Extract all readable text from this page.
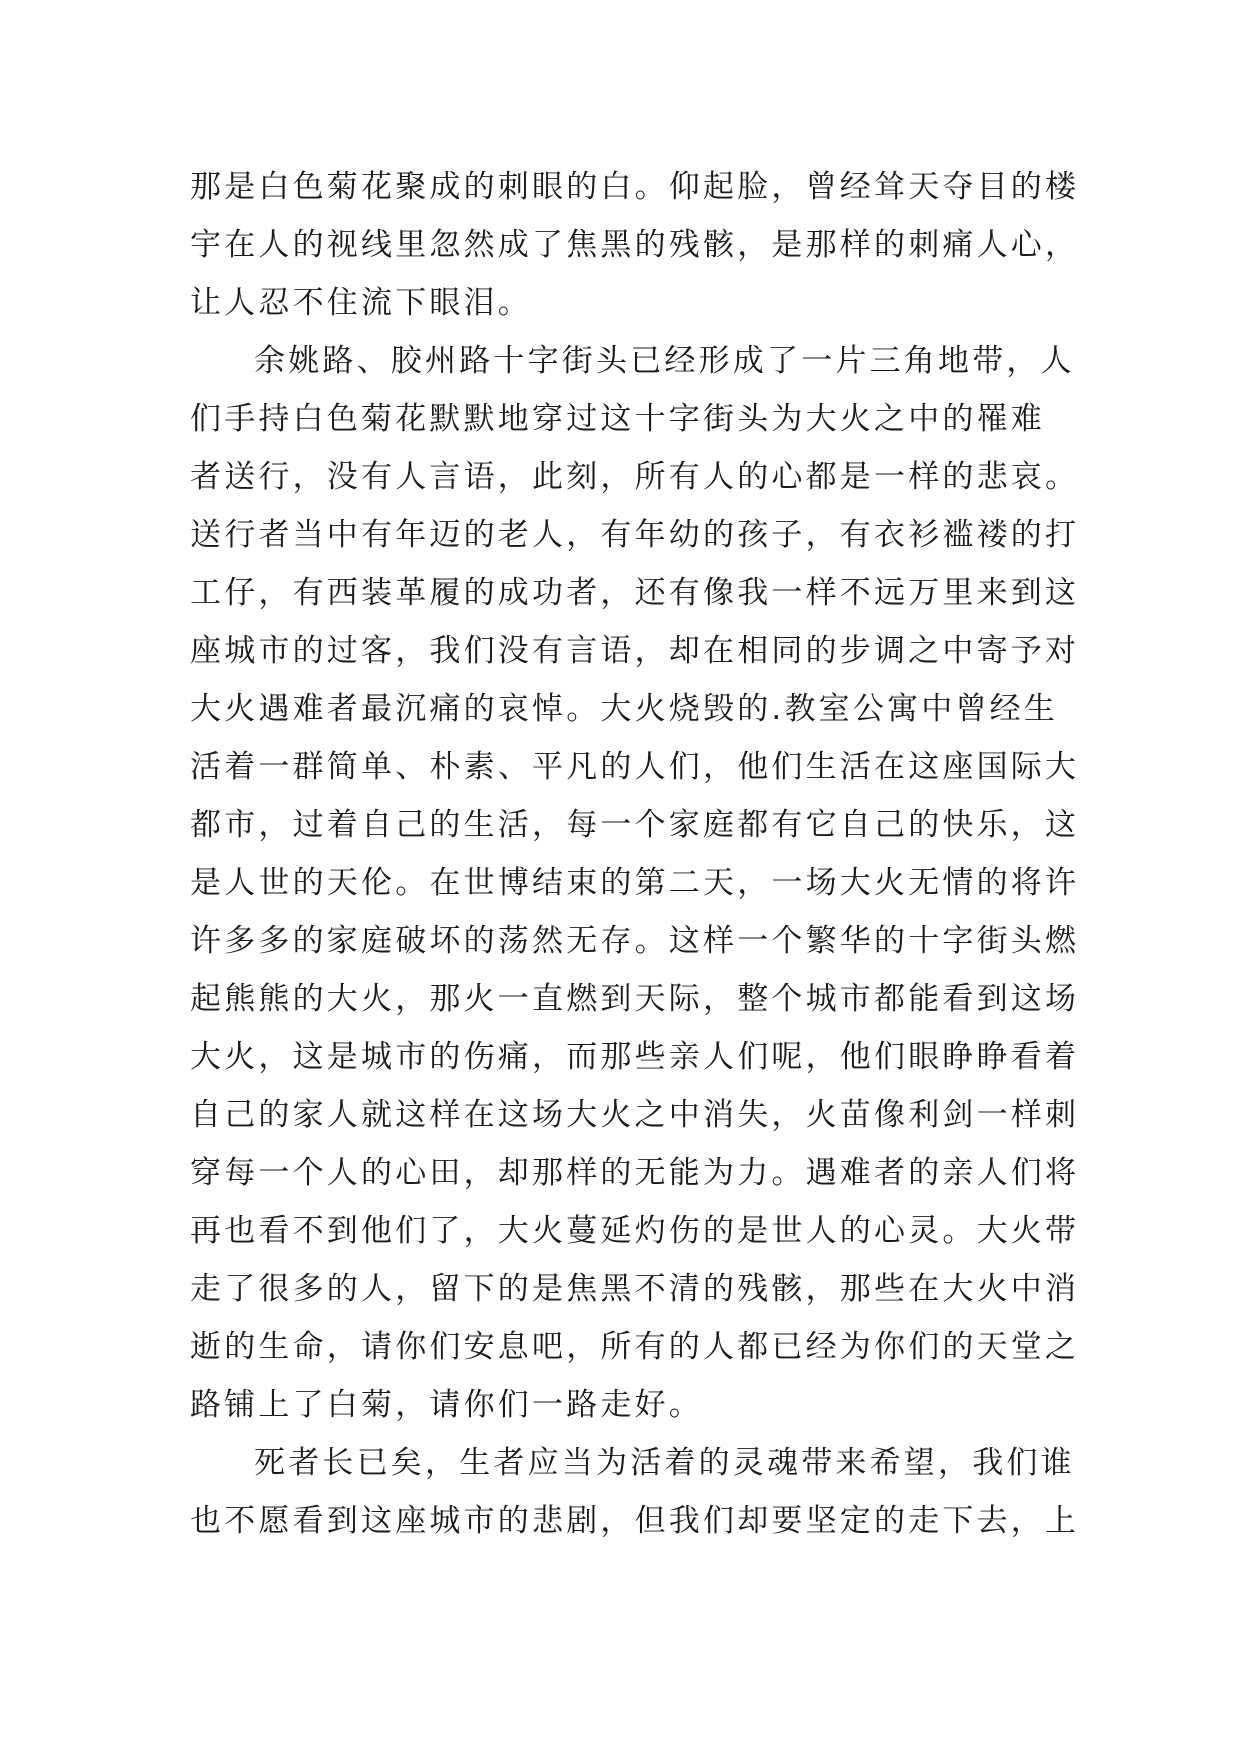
那是白色菊花聚成的刺眼的白。仰起脸，曾经耸天夺目的楼
宇在人的视线里忽然成了焦黑的残骸，是那样的刺痛人心，
让人忍不住流下眼泪。
余姚路、胶州路十字街头已经形成了一片三角地带，人
们手持白色菊花默默地穿过这十字街头为大火之中的罹难
者送行，没有人言语，此刻，所有人的心都是一样的悲哀。
送行者当中有年迈的老人，有年幼的孩子，有衣衫褴褛的打
工仔，有西装革履的成功者，还有像我一样不远万里来到这
座城市的过客，我们没有言语，却在相同的步调之中寄予对
大火遇难者最沉痛的哀悼。大火烧毁的.教室公寓中曾经生
活着一群简单、朴素、平凡的人们，他们生活在这座国际大
都市，过着自己的生活，每一个家庭都有它自己的快乐，这
是人世的天伦。在世博结束的第二天，一场大火无情的将许
许多多的家庭破坏的荡然无存。这样一个繁华的十字街头燃
起熊熊的大火，那火一直燃到天际，整个城市都能看到这场
大火，这是城市的伤痛，而那些亲人们呢，他们眼睁睁看着
自己的家人就这样在这场大火之中消失，火苗像利剑一样刺
穿每一个人的心田，却那样的无能为力。遇难者的亲人们将
再也看不到他们了，大火蔓延灼伤的是世人的心灵。大火带
走了很多的人，留下的是焦黑不清的残骸，那些在大火中消
逝的生命，请你们安息吧，所有的人都已经为你们的天堂之
路铺上了白菊，请你们一路走好。
死者长已矣，生者应当为活着的灵魂带来希望，我们谁
也不愿看到这座城市的悲剧，但我们却要坚定的走下去，上
